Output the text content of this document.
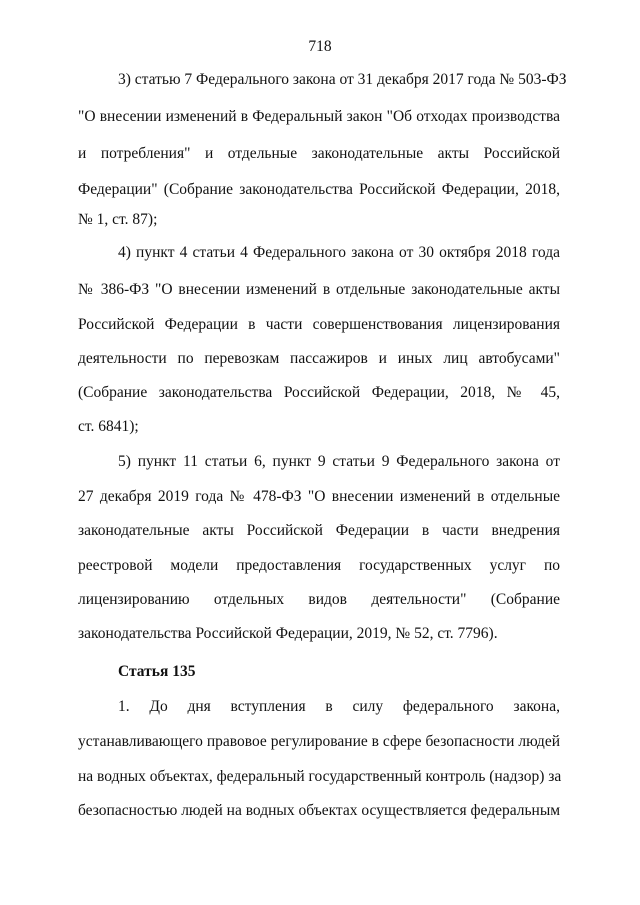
718
3) статью 7 Федерального закона от 31 декабря 2017 года № 503-ФЗ
"О внесении изменений в Федеральный закон "Об отходах производства
и потребления" и отдельные законодательные акты Российской
Федерации" (Собрание законодательства Российской Федерации, 2018,
№ 1, ст. 87);
4) пункт 4 статьи 4 Федерального закона от 30 октября 2018 года
№ 386-ФЗ "О внесении изменений в отдельные законодательные акты
Российской Федерации в части совершенствования лицензирования
деятельности по перевозкам пассажиров и иных лиц автобусами"
(Собрание законодательства Российской Федерации, 2018, № 45,
ст. 6841);
5) пункт 11 статьи 6, пункт 9 статьи 9 Федерального закона от
27 декабря 2019 года № 478-ФЗ "О внесении изменений в отдельные
законодательные акты Российской Федерации в части внедрения
реестровой модели предоставления государственных услуг по
лицензированию отдельных видов деятельности" (Собрание
законодательства Российской Федерации, 2019, № 52, ст. 7796).
Статья 135
1. До дня вступления в силу федерального закона,
устанавливающего правовое регулирование в сфере безопасности людей
на водных объектах, федеральный государственный контроль (надзор) за
безопасностью людей на водных объектах осуществляется федеральным
